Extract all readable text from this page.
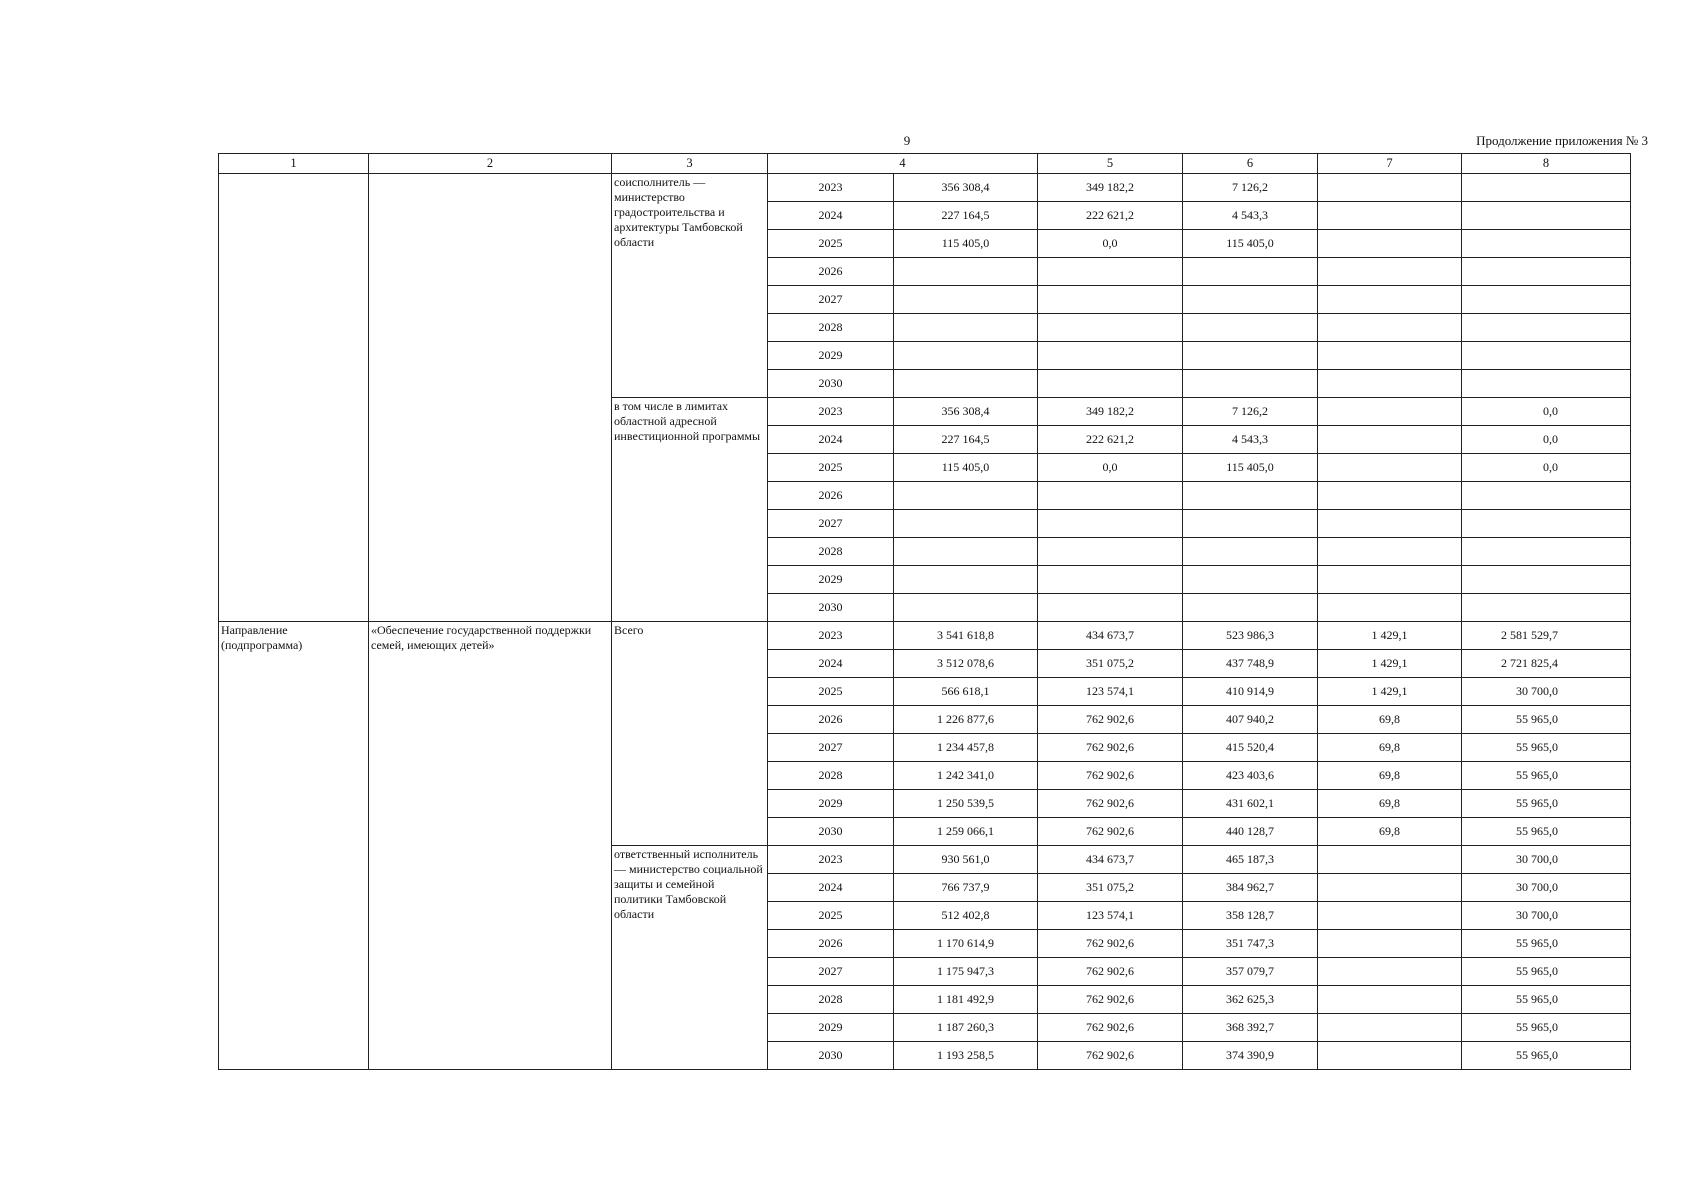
9	Продолжение приложения № 3
1	2	3	4		5	6	7	8
		соисполнитель — министерство градостроительства и архитектуры Тамбовской области	2023	356 308,4	349 182,2	7 126,2		
			2024	227 164,5	222 621,2	4 543,3		
			2025	115 405,0	0,0	115 405,0		
			2026					
			2027					
			2028					
			2029					
			2030					
		в том числе в лимитах областной адресной инвестиционной программы	2023	356 308,4	349 182,2	7 126,2		0,0
			2024	227 164,5	222 621,2	4 543,3		0,0
			2025	115 405,0	0,0	115 405,0		0,0
			2026					
			2027					
			2028					
			2029					
			2030					
Направление (подпрограмма)	«Обеспечение государственной поддержки семей, имеющих детей»	Всего	2023	3 541 618,8	434 673,7	523 986,3	1 429,1	2 581 529,7
			2024	3 512 078,6	351 075,2	437 748,9	1 429,1	2 721 825,4
			2025	566 618,1	123 574,1	410 914,9	1 429,1	30 700,0
			2026	1 226 877,6	762 902,6	407 940,2	69,8	55 965,0
			2027	1 234 457,8	762 902,6	415 520,4	69,8	55 965,0
			2028	1 242 341,0	762 902,6	423 403,6	69,8	55 965,0
			2029	1 250 539,5	762 902,6	431 602,1	69,8	55 965,0
			2030	1 259 066,1	762 902,6	440 128,7	69,8	55 965,0
		ответственный исполнитель — министерство социальной защиты и семейной политики Тамбовской области	2023	930 561,0	434 673,7	465 187,3		30 700,0
			2024	766 737,9	351 075,2	384 962,7		30 700,0
			2025	512 402,8	123 574,1	358 128,7		30 700,0
			2026	1 170 614,9	762 902,6	351 747,3		55 965,0
			2027	1 175 947,3	762 902,6	357 079,7		55 965,0
			2028	1 181 492,9	762 902,6	362 625,3		55 965,0
			2029	1 187 260,3	762 902,6	368 392,7		55 965,0
			2030	1 193 258,5	762 902,6	374 390,9		55 965,0
